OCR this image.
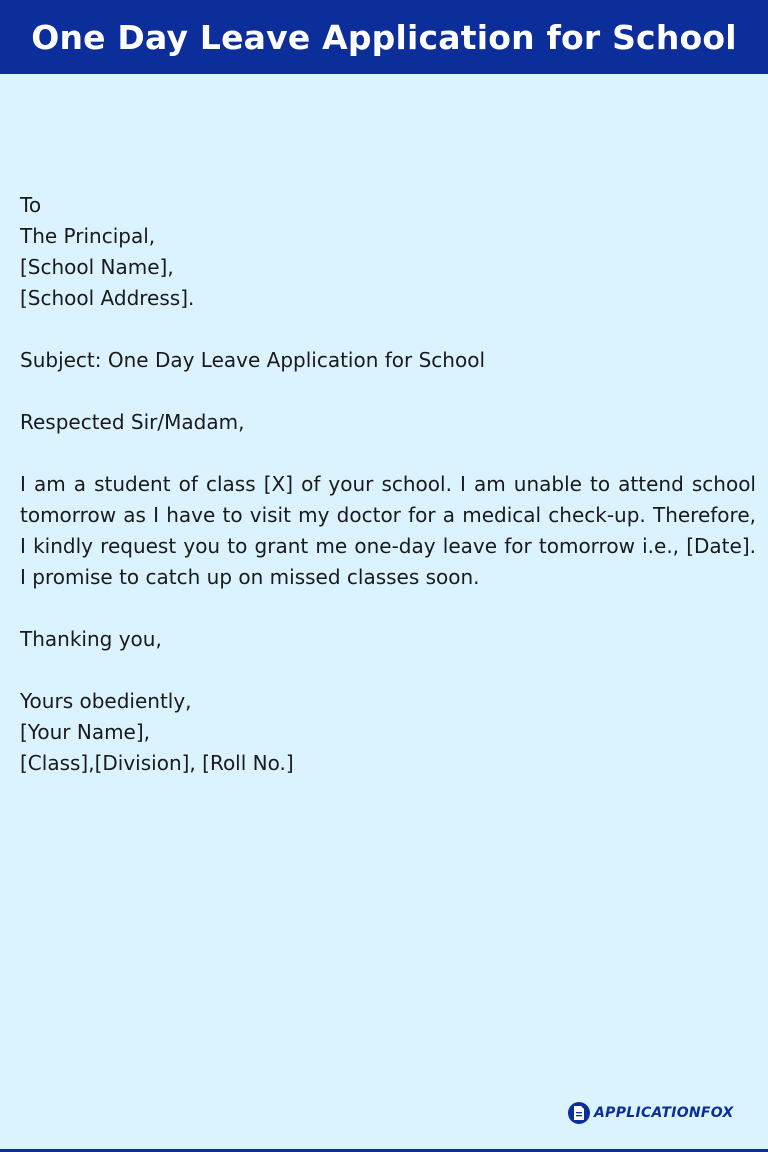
One Day Leave Application for School
To
The Principal,
[School Name],
[School Address].
Subject: One Day Leave Application for School
Respected Sir/Madam,

I am a student of class [X] of your school. I am unable to attend school tomorrow as I have to visit my doctor for a medical check-up. Therefore, I kindly request you to grant me one-day leave for tomorrow i.e., [Date]. I promise to catch up on missed classes soon.

Thanking you,
Yours obediently,
[Your Name],
[Class],[Division], [Roll No.]
APPLICATIONFOX
